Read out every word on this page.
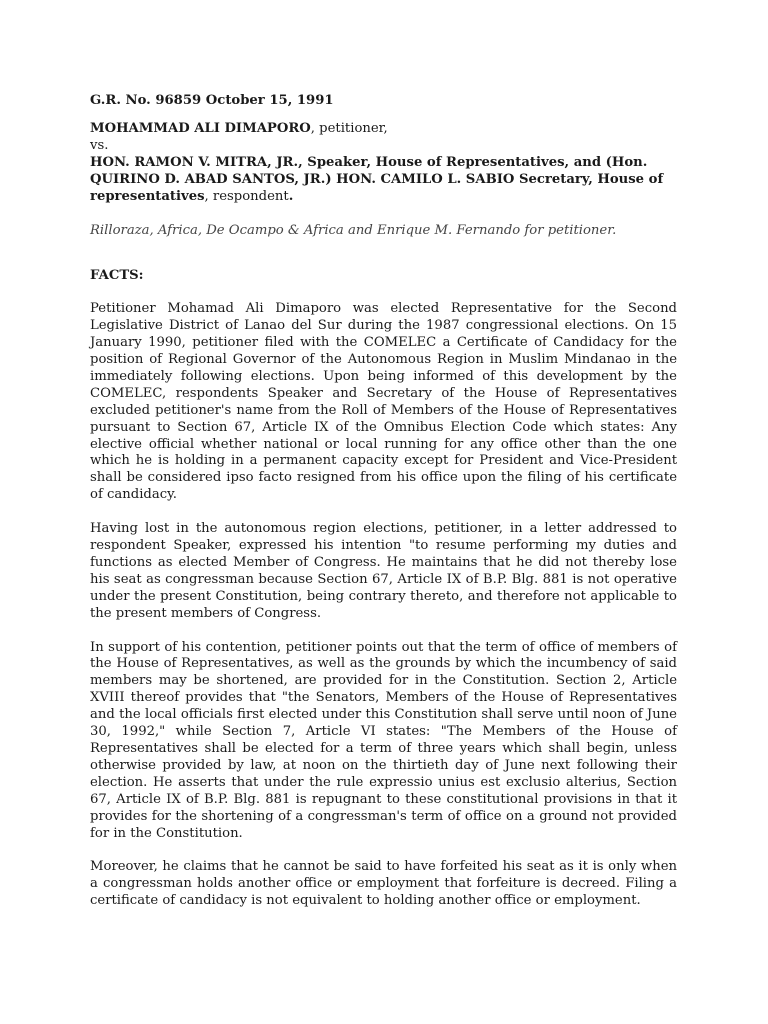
G.R. No. 96859 October 15, 1991
MOHAMMAD ALI DIMAPORO, petitioner,
vs.
HON. RAMON V. MITRA, JR., Speaker, House of Representatives, and (Hon. QUIRINO D. ABAD SANTOS, JR.) HON. CAMILO L. SABIO Secretary, House of representatives, respondent.
Rilloraza, Africa, De Ocampo & Africa and Enrique M. Fernando for petitioner.
FACTS:

Petitioner Mohamad Ali Dimaporo was elected Representative for the Second Legislative District of Lanao del Sur during the 1987 congressional elections. On 15 January 1990, petitioner filed with the COMELEC a Certificate of Candidacy for the position of Regional Governor of the Autonomous Region in Muslim Mindanao in the immediately following elections. Upon being informed of this development by the COMELEC, respondents Speaker and Secretary of the House of Representatives excluded petitioner's name from the Roll of Members of the House of Representatives pursuant to Section 67, Article IX of the Omnibus Election Code which states: Any elective official whether national or local running for any office other than the one which he is holding in a permanent capacity except for President and Vice-President shall be considered ipso facto resigned from his office upon the filing of his certificate of candidacy.

Having lost in the autonomous region elections, petitioner, in a letter addressed to respondent Speaker, expressed his intention "to resume performing my duties and functions as elected Member of Congress. He maintains that he did not thereby lose his seat as congressman because Section 67, Article IX of B.P. Blg. 881 is not operative under the present Constitution, being contrary thereto, and therefore not applicable to the present members of Congress.

In support of his contention, petitioner points out that the term of office of members of the House of Representatives, as well as the grounds by which the incumbency of said members may be shortened, are provided for in the Constitution. Section 2, Article XVIII thereof provides that "the Senators, Members of the House of Representatives and the local officials first elected under this Constitution shall serve until noon of June 30, 1992," while Section 7, Article VI states: "The Members of the House of Representatives shall be elected for a term of three years which shall begin, unless otherwise provided by law, at noon on the thirtieth day of June next following their election. He asserts that under the rule expressio unius est exclusio alterius, Section 67, Article IX of B.P. Blg. 881 is repugnant to these constitutional provisions in that it provides for the shortening of a congressman's term of office on a ground not provided for in the Constitution.

Moreover, he claims that he cannot be said to have forfeited his seat as it is only when a congressman holds another office or employment that forfeiture is decreed. Filing a certificate of candidacy is not equivalent to holding another office or employment.
